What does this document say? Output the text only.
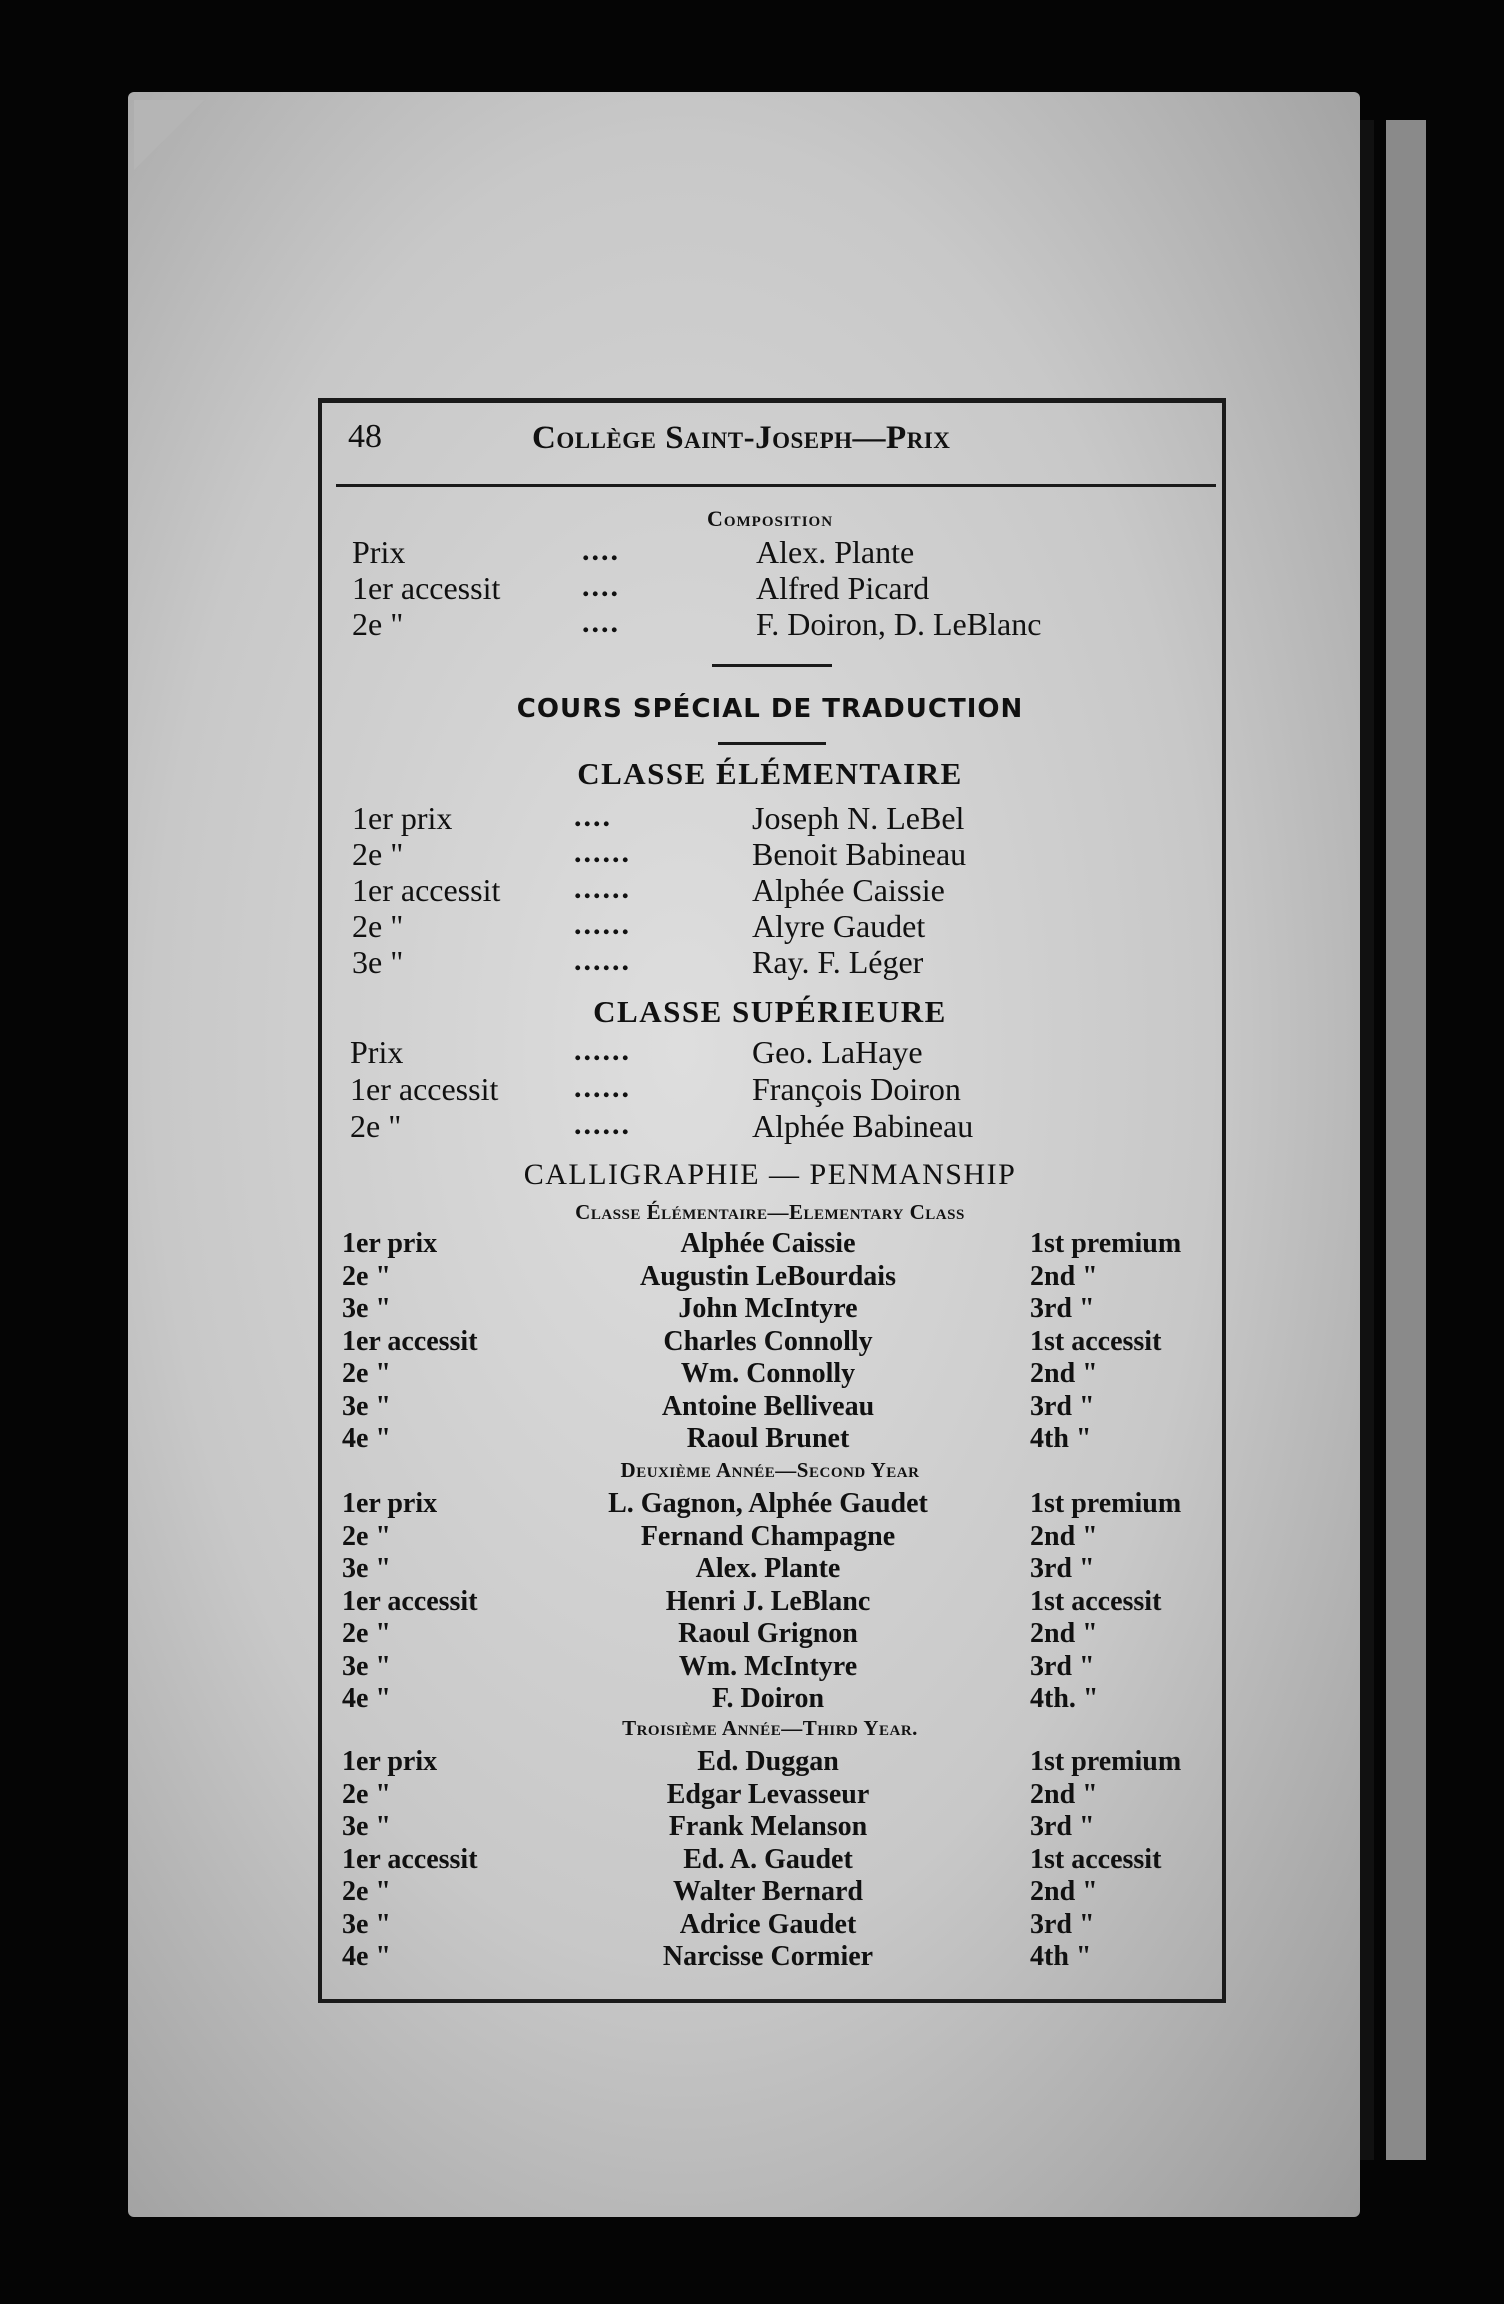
48	Collège Saint-Joseph—Prix
Composition
Prix	....	Alex. Plante
1er accessit	....	Alfred Picard
2e "	....	F. Doiron, D. LeBlanc
COURS SPÉCIAL DE TRADUCTION
CLASSE ÉLÉMENTAIRE
1er prix	....	Joseph N. LeBel
2e "	......	Benoit Babineau
1er accessit ......	Alphée Caissie
2e "	......	Alyre Gaudet
3e "	......	Ray. F. Léger
CLASSE SUPÉRIEURE
Prix	......	Geo. LaHaye
1er accessit	......	François Doiron
2e "	......	Alphée Babineau
CALLIGRAPHIE — PENMANSHIP
Classe Élémentaire—Elementary Class
1er prix	Alphée Caissie	1st premium
2e "	Augustin LeBourdais	2nd "
3e "	John McIntyre	3rd "
1er accessit	Charles Connolly	1st accessit
2e "	Wm. Connolly	2nd "
3e "	Antoine Belliveau	3rd "
4e "	Raoul Brunet	4th "
Deuxième Année—Second Year
1er prix	L. Gagnon, Alphée Gaudet	1st premium
2e "	Fernand Champagne	2nd "
3e "	Alex. Plante	3rd "
1er accessit	Henri J. LeBlanc	1st accessit
2e "	Raoul Grignon	2nd "
3e "	Wm. McIntyre	3rd "
4e "	F. Doiron	4th. "
Troisième Année—Third Year.
1er prix	Ed. Duggan	1st premium
2e "	Edgar Levasseur	2nd "
3e "	Frank Melanson	3rd "
1er accessit	Ed. A. Gaudet	1st accessit
2e "	Walter Bernard	2nd "
3e "	Adrice Gaudet	3rd "
4e "	Narcisse Cormier	4th "
